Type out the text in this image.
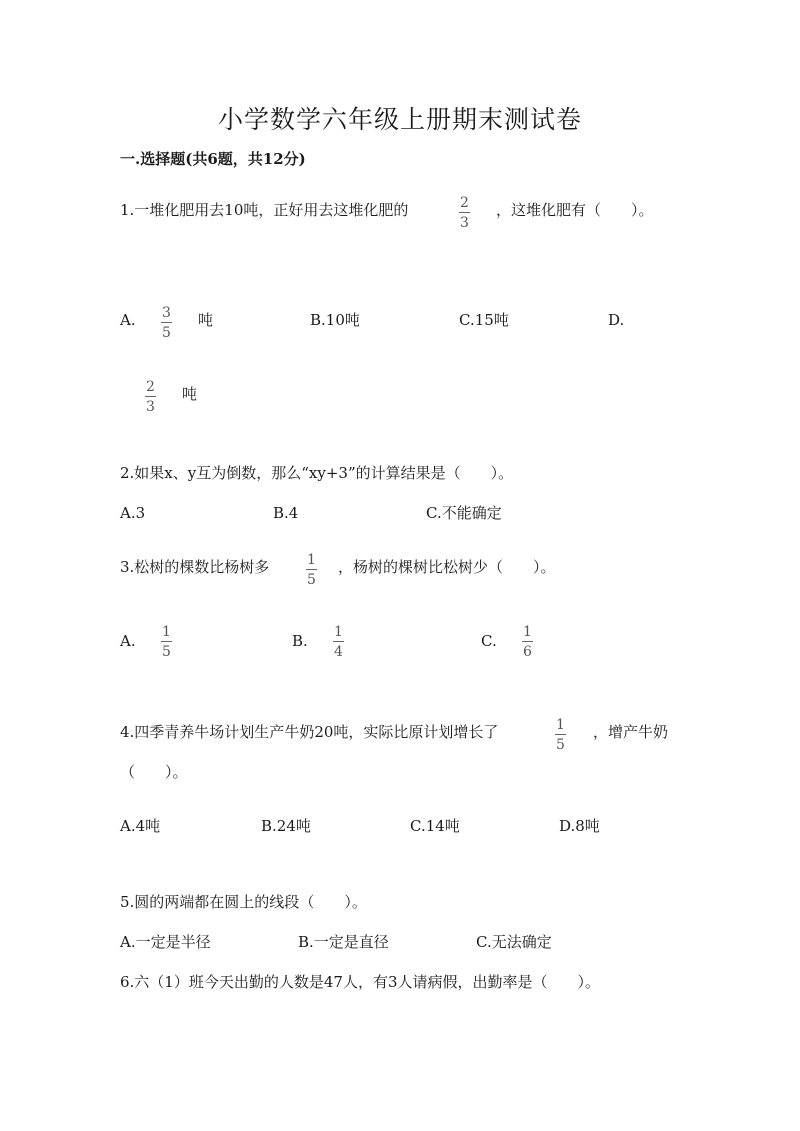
小学数学六年级上册期末测试卷
一.选择题(共6题，共12分)
1.一堆化肥用去10吨，正好用去这堆化肥的	2
3
，这堆化肥有（　　）。
A. 3
5
吨	B.10吨	C.15吨	D.
2
3
吨
2.如果x、y互为倒数，那么“xy+3”的计算结果是（　　）。
A.3	B.4	C.不能确定
3.松树的棵数比杨树多	1
5
，杨树的棵树比松树少（　　）。
A. 1
5
B. 1
4
C. 1
6
4.四季青养牛场计划生产牛奶20吨，实际比原计划增长了	1
5
，增产牛奶
（　　）。
A.4吨	B.24吨	C.14吨	D.8吨
5.圆的两端都在圆上的线段（　　）。
A.一定是半径	B.一定是直径	C.无法确定
6.六（1）班今天出勤的人数是47人，有3人请病假，出勤率是（　　）。
